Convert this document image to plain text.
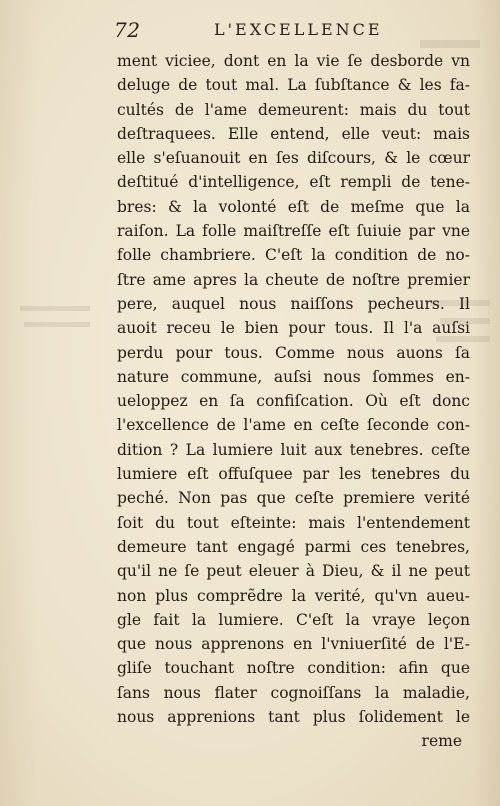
72	L'EXCELLENCE
ment viciee, dont en la vie ſe desborde vn
deluge de tout mal. La ſubſtance & les fa-
cultés de l'ame demeurent: mais du tout
deſtraquees. Elle entend, elle veut: mais
elle s'eſuanouit en ſes diſcours, & le cœur
deſtitué d'intelligence, eſt rempli de tene-
bres: & la volonté eſt de meſme que la
raiſon. La folle maiſtreſſe eſt ſuiuie par vne
folle chambriere. C'eſt la condition de no-
ſtre ame apres la cheute de noſtre premier
pere, auquel nous naiſſons pecheurs. Il
auoit receu le bien pour tous. Il l'a auſsi
perdu pour tous. Comme nous auons ſa
nature commune, auſsi nous ſommes en-
ueloppez en ſa confiſcation. Où eſt donc
l'excellence de l'ame en ceſte ſeconde con-
dition ? La lumiere luit aux tenebres. ceſte
lumiere eſt offuſquee par les tenebres du
peché. Non pas que ceſte premiere verité
ſoit du tout eſteinte: mais l'entendement
demeure tant engagé parmi ces tenebres,
qu'il ne ſe peut eleuer à Dieu, & il ne peut
non plus comprẽdre la verité, qu'vn aueu-
gle fait la lumiere. C'eſt la vraye leçon
que nous apprenons en l'vniuerſité de l'E-
gliſe touchant noſtre condition: afin que
ſans nous flater cognoiſſans la maladie,
nous apprenions tant plus ſolidement le
reme
